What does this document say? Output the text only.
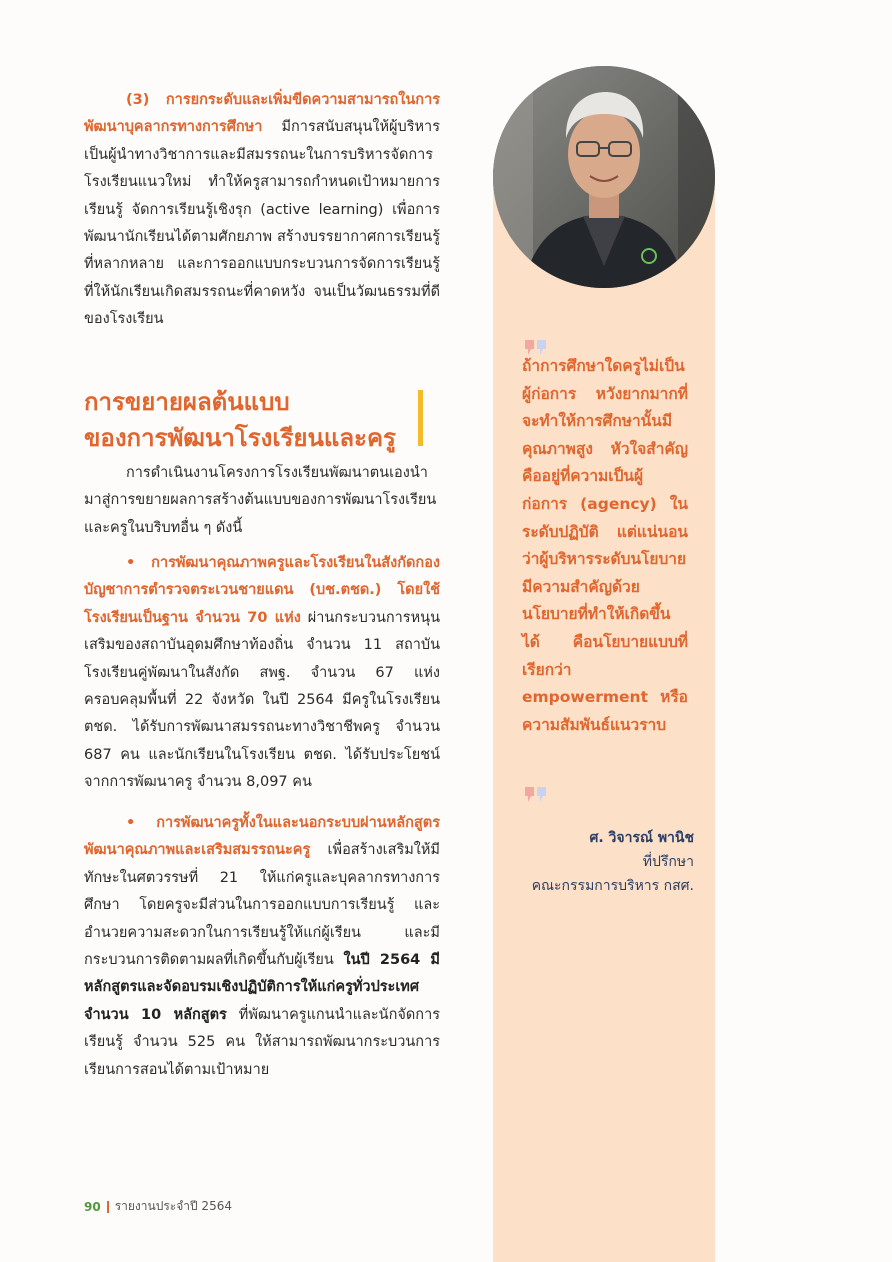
(3) การยกระดับและเพิ่มขีดความสามารถในการพัฒนาบุคลากรทางการศึกษา มีการสนับสนุนให้ผู้บริหารเป็นผู้นำทางวิชาการและมีสมรรถนะในการบริหารจัดการโรงเรียนแนวใหม่ ทำให้ครูสามารถกำหนดเป้าหมายการเรียนรู้ จัดการเรียนรู้เชิงรุก (active learning) เพื่อการพัฒนานักเรียนได้ตามศักยภาพ สร้างบรรยากาศการเรียนรู้ที่หลากหลาย และการออกแบบกระบวนการจัดการเรียนรู้ที่ให้นักเรียนเกิดสมรรถนะที่คาดหวัง จนเป็นวัฒนธรรมที่ดีของโรงเรียน
การขยายผลต้นแบบ
ของการพัฒนาโรงเรียนและครู
การดำเนินงานโครงการโรงเรียนพัฒนาตนเองนำมาสู่การขยายผลการสร้างต้นแบบของการพัฒนาโรงเรียนและครูในบริบทอื่น ๆ ดังนี้
• การพัฒนาคุณภาพครูและโรงเรียนในสังกัดกองบัญชาการตำรวจตระเวนชายแดน (บช.ตชด.) โดยใช้โรงเรียนเป็นฐาน จำนวน 70 แห่ง ผ่านกระบวนการหนุนเสริมของสถาบันอุดมศึกษาท้องถิ่น จำนวน 11 สถาบัน โรงเรียนคู่พัฒนาในสังกัด สพฐ. จำนวน 67 แห่ง ครอบคลุมพื้นที่ 22 จังหวัด ในปี 2564 มีครูในโรงเรียน ตชด. ได้รับการพัฒนาสมรรถนะทางวิชาชีพครู จำนวน 687 คน และนักเรียนในโรงเรียน ตชด. ได้รับประโยชน์จากการพัฒนาครู จำนวน 8,097 คน
• การพัฒนาครูทั้งในและนอกระบบผ่านหลักสูตรพัฒนาคุณภาพและเสริมสมรรถนะครู เพื่อสร้างเสริมให้มีทักษะในศตวรรษที่ 21 ให้แก่ครูและบุคลากรทางการศึกษา โดยครูจะมีส่วนในการออกแบบการเรียนรู้ และอำนวยความสะดวกในการเรียนรู้ให้แก่ผู้เรียน และมีกระบวนการติดตามผลที่เกิดขึ้นกับผู้เรียน ในปี 2564 มีหลักสูตรและจัดอบรมเชิงปฏิบัติการให้แก่ครูทั่วประเทศจำนวน 10 หลักสูตร ที่พัฒนาครูแกนนำและนักจัดการเรียนรู้ จำนวน 525 คน ให้สามารถพัฒนากระบวนการเรียนการสอนได้ตามเป้าหมาย

ถ้าการศึกษาใดครูไม่เป็นผู้ก่อการ หวังยากมากที่จะทำให้การศึกษานั้นมีคุณภาพสูง หัวใจสำคัญคืออยู่ที่ความเป็นผู้ก่อการ (agency) ในระดับปฏิบัติ แต่แน่นอนว่าผู้บริหารระดับนโยบายมีความสำคัญด้วย นโยบายที่ทำให้เกิดขึ้นได้ คือนโยบายแบบที่เรียกว่า empowerment หรือความสัมพันธ์แนวราบ

ศ. วิจารณ์ พานิช
ที่ปรึกษา
คณะกรรมการบริหาร กสศ.
90 รายงานประจำปี 2564
